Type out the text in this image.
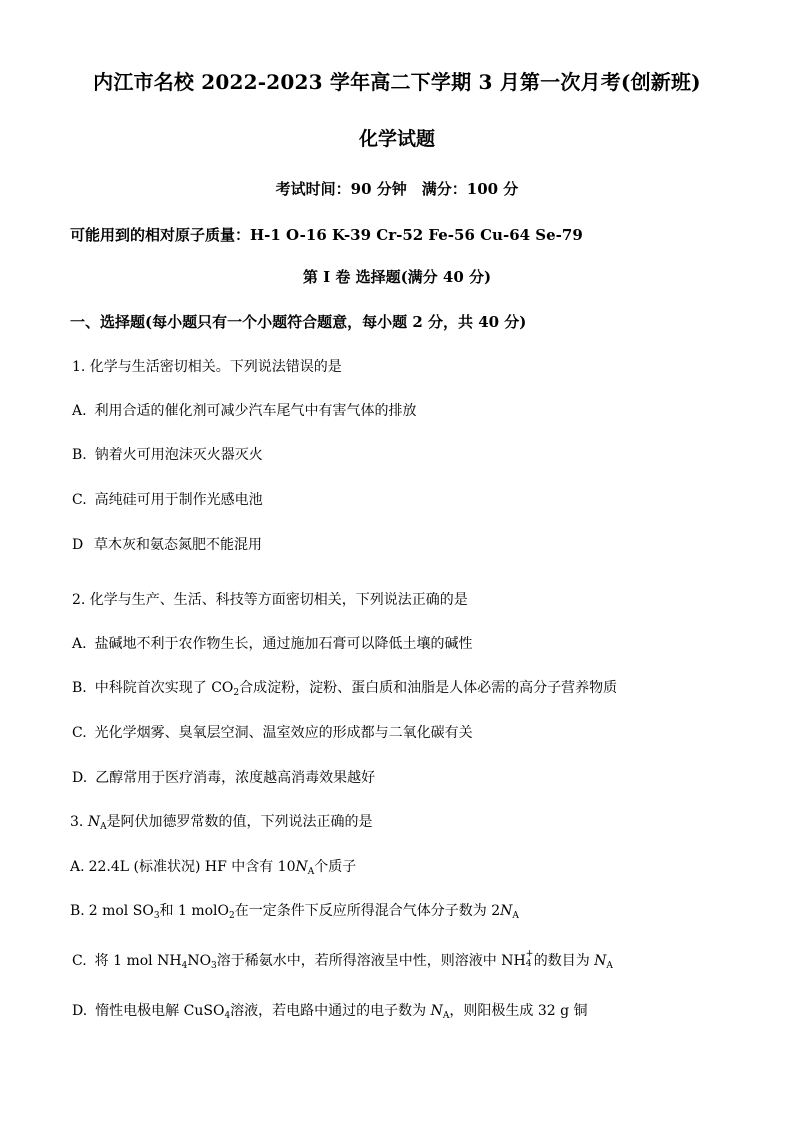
内江市名校 2022-2023 学年高二下学期 3 月第一次月考(创新班)
化学试题
考试时间：90 分钟　满分：100 分
可能用到的相对原子质量：H-1 O-16 K-39 Cr-52 Fe-56 Cu-64 Se-79
第 I 卷 选择题(满分 40 分)
一、选择题(每小题只有一个小题符合题意，每小题 2 分，共 40 分)
1. 化学与生活密切相关。下列说法错误的是
A. 利用合适的催化剂可减少汽车尾气中有害气体的排放
B. 钠着火可用泡沫灭火器灭火
C. 高纯硅可用于制作光感电池
D 草木灰和氨态氮肥不能混用
2. 化学与生产、生活、科技等方面密切相关，下列说法正确的是
A. 盐碱地不利于农作物生长，通过施加石膏可以降低土壤的碱性
B. 中科院首次实现了 $CO_2$合成淀粉，淀粉、蛋白质和油脂是人体必需的高分子营养物质
C. 光化学烟雾、臭氧层空洞、温室效应的形成都与二氧化碳有关
D. 乙醇常用于医疗消毒，浓度越高消毒效果越好
3. $N_A$是阿伏加德罗常数的值，下列说法正确的是
A. 22.4L (标准状况) HF 中含有 $10N_A$个质子
B. 2 mol $SO_3$和 1 molO$_2$在一定条件下反应所得混合气体分子数为 $2N_A$
C. 将 1 mol $NH_4NO_3$溶于稀氨水中，若所得溶液呈中性，则溶液中 NH +
4 的数目为 $N_A$
D. 惰性电极电解 CuSO$_4$溶液，若电路中通过的电子数为 $N_A$，则阳极生成 32 g 铜
